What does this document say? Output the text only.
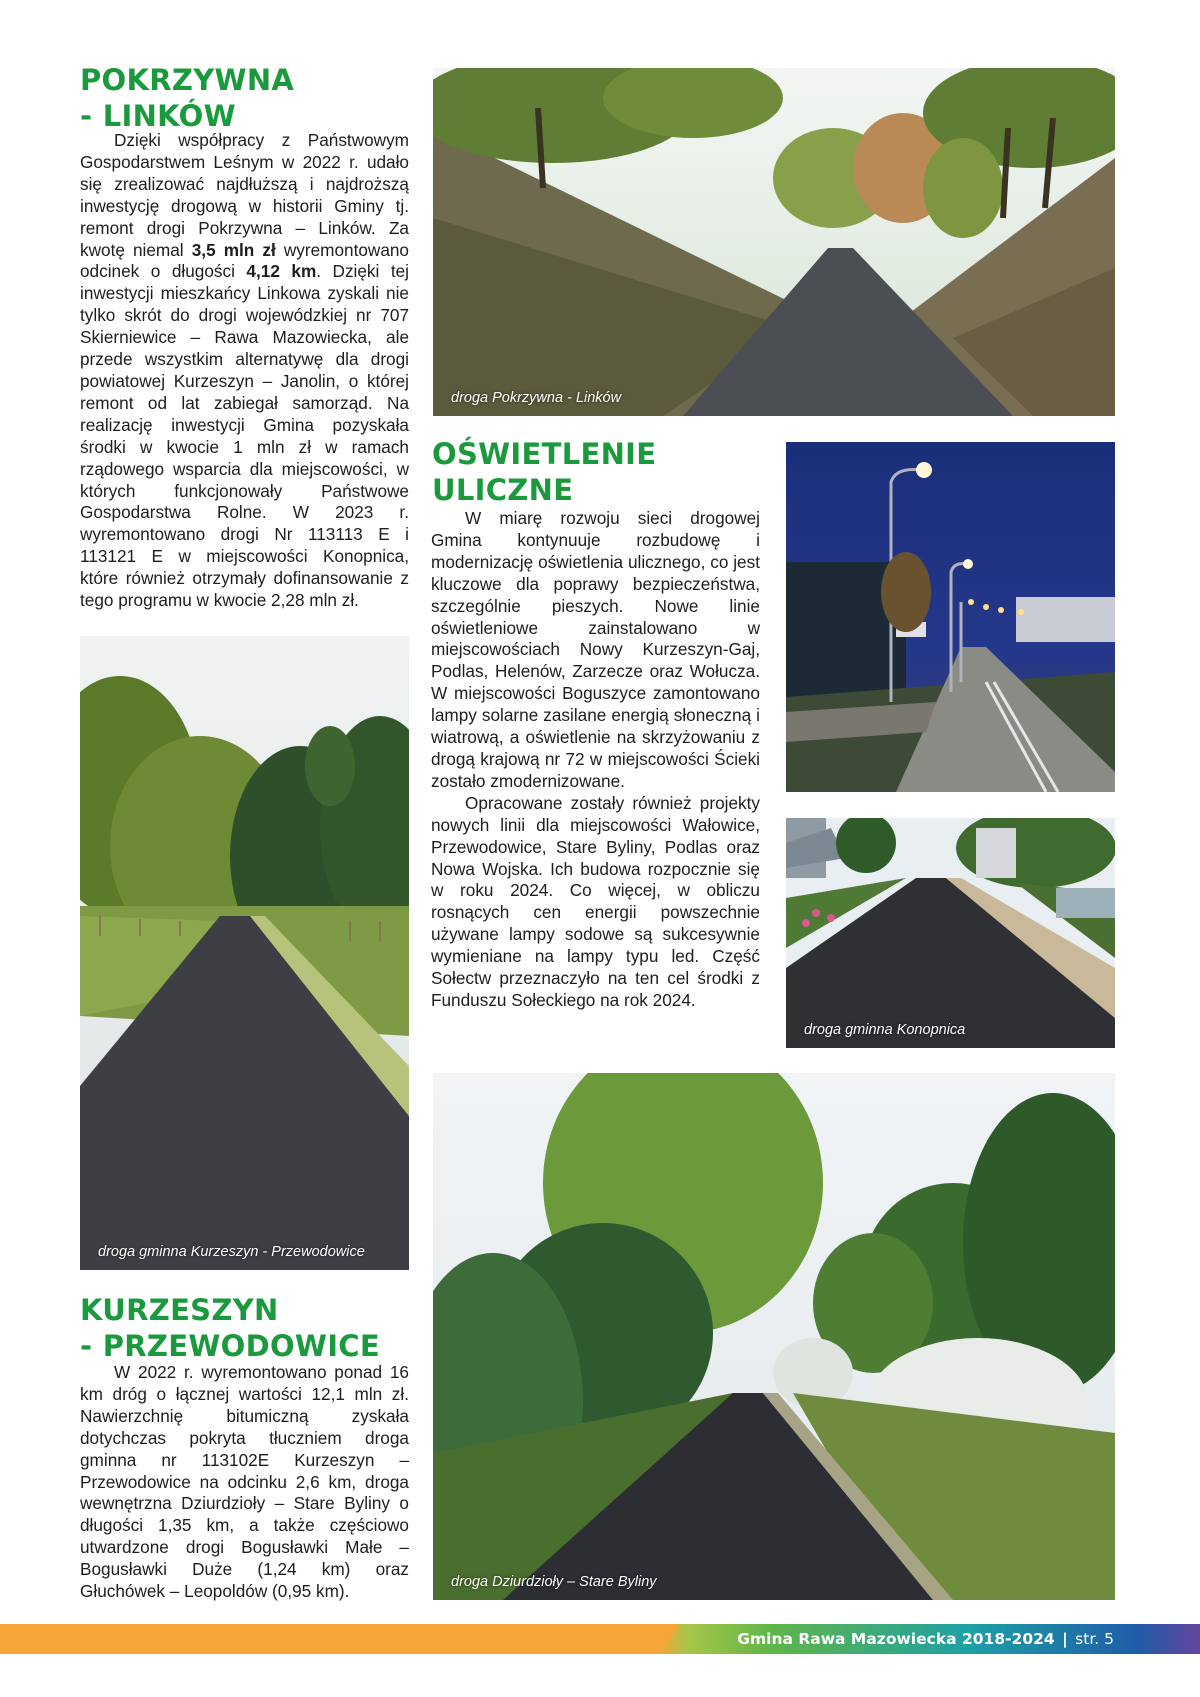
POKRZYWNA
- LINKÓW

Dzięki współpracy z Państwowym Gospodarstwem Leśnym w 2022 r. udało się zrealizować najdłuższą i najdroższą inwestycję drogową w historii Gminy tj. remont drogi Pokrzywna – Linków. Za kwotę niemal 3,5 mln zł wyremontowano odcinek o długości 4,12 km. Dzięki tej inwestycji mieszkańcy Linkowa zyskali nie tylko skrót do drogi wojewódzkiej nr 707 Skierniewice – Rawa Mazowiecka, ale przede wszystkim alternatywę dla drogi powiatowej Kurzeszyn – Janolin, o której remont od lat zabiegał samorząd. Na realizację inwestycji Gmina pozyskała środki w kwocie 1 mln zł w ramach rządowego wsparcia dla miejscowości, w których funkcjonowały Państwowe Gospodarstwa Rolne. W 2023 r. wyremontowano drogi Nr 113113 E i 113121 E w miejscowości Konopnica, które również otrzymały dofinansowanie z tego programu w kwocie 2,28 mln zł.

droga Pokrzywna - Linków
OŚWIETLENIE
ULICZNE

W miarę rozwoju sieci drogowej Gmina kontynuuje rozbudowę i modernizację oświetlenia ulicznego, co jest kluczowe dla poprawy bezpieczeństwa, szczególnie pieszych. Nowe linie oświetleniowe zainstalowano w miejscowościach Nowy Kurzeszyn-Gaj, Podlas, Helenów, Zarzecze oraz Wołucza. W miejscowości Boguszyce zamontowano lampy solarne zasilane energią słoneczną i wiatrową, a oświetlenie na skrzyżowaniu z drogą krajową nr 72 w miejscowości Ścieki zostało zmodernizowane.

Opracowane zostały również projekty nowych linii dla miejscowości Wałowice, Przewodowice, Stare Byliny, Podlas oraz Nowa Wojska. Ich budowa rozpocznie się w roku 2024. Co więcej, w obliczu rosnących cen energii powszechnie używane lampy sodowe są sukcesywnie wymieniane na lampy typu led. Część Sołectw przeznaczyło na ten cel środki z Funduszu Sołeckiego na rok 2024.

droga gminna Konopnica
droga gminna Kurzeszyn - Przewodowice
KURZESZYN
- PRZEWODOWICE

W 2022 r. wyremontowano ponad 16 km dróg o łącznej wartości 12,1 mln zł. Nawierzchnię bitumiczną zyskała dotychczas pokryta tłuczniem droga gminna nr 113102E Kurzeszyn – Przewodowice na odcinku 2,6 km, droga wewnętrzna Dziurdzioły – Stare Byliny o długości 1,35 km, a także częściowo utwardzone drogi Bogusławki Małe – Bogusławki Duże (1,24 km) oraz Głuchówek – Leopoldów (0,95 km).	droga Dziurdzioły – Stare Byliny
Gmina Rawa Mazowiecka 2018-2024 | str. 5
